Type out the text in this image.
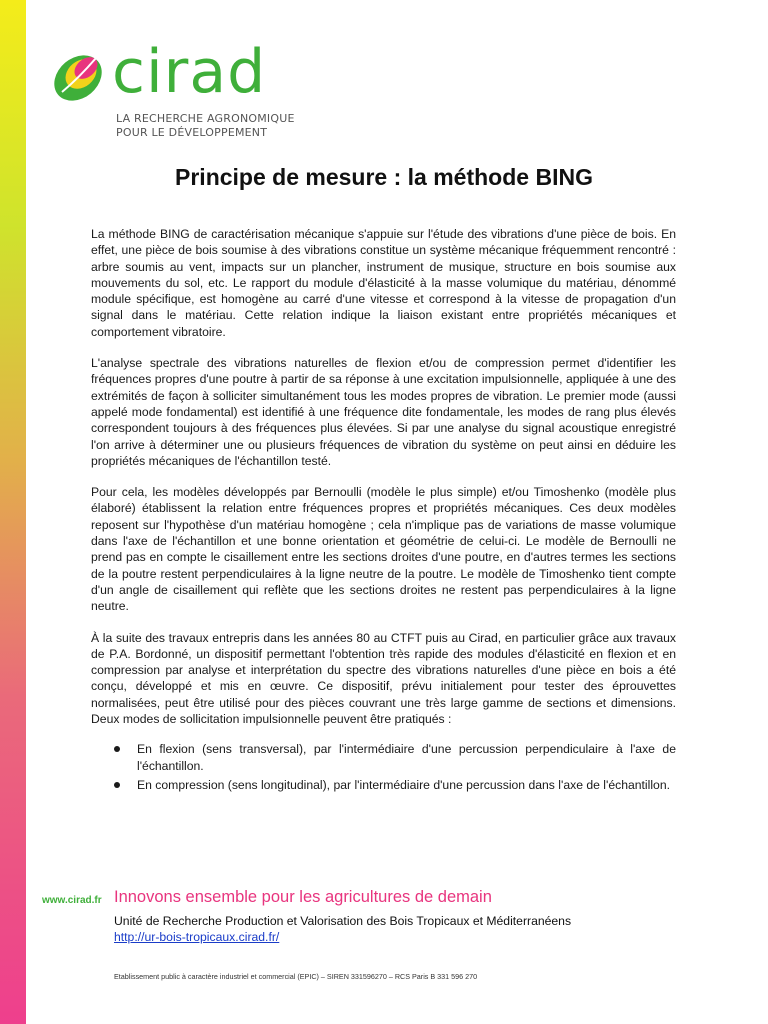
cirad
LA RECHERCHE AGRONOMIQUE
POUR LE DÉVELOPPEMENT
Principe de mesure : la méthode BING

La méthode BING de caractérisation mécanique s'appuie sur l'étude des vibrations d'une pièce de bois. En effet, une pièce de bois soumise à des vibrations constitue un système mécanique fréquemment rencontré : arbre soumis au vent, impacts sur un plancher, instrument de musique, structure en bois soumise aux mouvements du sol, etc. Le rapport du module d'élasticité à la masse volumique du matériau, dénommé module spécifique, est homogène au carré d'une vitesse et correspond à la vitesse de propagation d'un signal dans le matériau. Cette relation indique la liaison existant entre propriétés mécaniques et comportement vibratoire.

L'analyse spectrale des vibrations naturelles de flexion et/ou de compression permet d'identifier les fréquences propres d'une poutre à partir de sa réponse à une excitation impulsionnelle, appliquée à une des extrémités de façon à solliciter simultanément tous les modes propres de vibration. Le premier mode (aussi appelé mode fondamental) est identifié à une fréquence dite fondamentale, les modes de rang plus élevés correspondent toujours à des fréquences plus élevées. Si par une analyse du signal acoustique enregistré l'on arrive à déterminer une ou plusieurs fréquences de vibration du système on peut ainsi en déduire les propriétés mécaniques de l'échantillon testé.

Pour cela, les modèles développés par Bernoulli (modèle le plus simple) et/ou Timoshenko (modèle plus élaboré) établissent la relation entre fréquences propres et propriétés mécaniques. Ces deux modèles reposent sur l'hypothèse d'un matériau homogène ; cela n'implique pas de variations de masse volumique dans l'axe de l'échantillon et une bonne orientation et géométrie de celui-ci. Le modèle de Bernoulli ne prend pas en compte le cisaillement entre les sections droites d'une poutre, en d'autres termes les sections de la poutre restent perpendiculaires à la ligne neutre de la poutre. Le modèle de Timoshenko tient compte d'un angle de cisaillement qui reflète que les sections droites ne restent pas perpendiculaires à la ligne neutre.

À la suite des travaux entrepris dans les années 80 au CTFT puis au Cirad, en particulier grâce aux travaux de P.A. Bordonné, un dispositif permettant l'obtention très rapide des modules d'élasticité en flexion et en compression par analyse et interprétation du spectre des vibrations naturelles d'une pièce en bois a été conçu, développé et mis en œuvre. Ce dispositif, prévu initialement pour tester des éprouvettes normalisées, peut être utilisé pour des pièces couvrant une très large gamme de sections et dimensions. Deux modes de sollicitation impulsionnelle peuvent être pratiqués :

En flexion (sens transversal), par l'intermédiaire d'une percussion perpendiculaire à l'axe de l'échantillon.
En compression (sens longitudinal), par l'intermédiaire d'une percussion dans l'axe de l'échantillon.
www.cirad.fr Innovons ensemble pour les agricultures de demain
Unité de Recherche Production et Valorisation des Bois Tropicaux et Méditerranéens
http://ur-bois-tropicaux.cirad.fr/
Etablissement public à caractère industriel et commercial (EPIC) – SIREN 331596270 – RCS Paris B 331 596 270
